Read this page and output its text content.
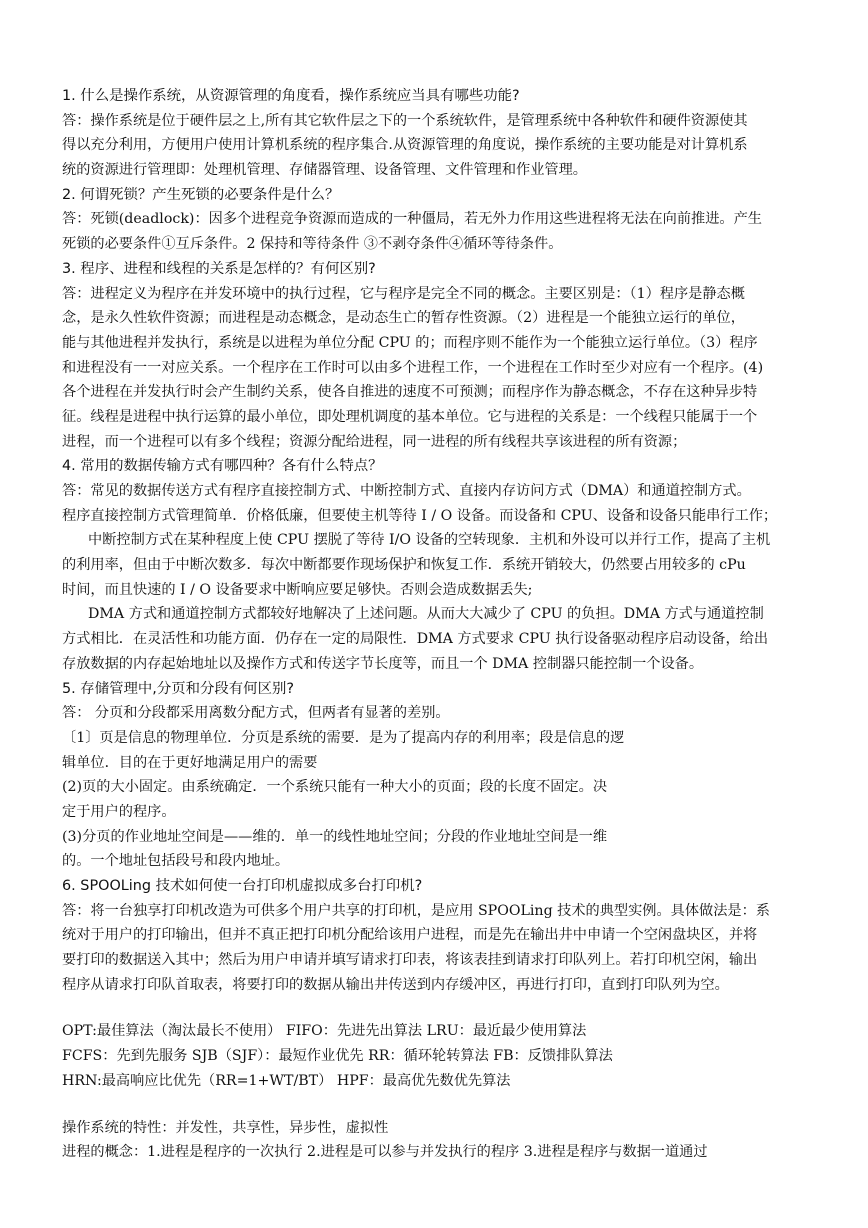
1. 什么是操作系统，从资源管理的角度看，操作系统应当具有哪些功能?
答：操作系统是位于硬件层之上,所有其它软件层之下的一个系统软件，是管理系统中各种软件和硬件资源使其
得以充分利用，方便用户使用计算机系统的程序集合.从资源管理的角度说，操作系统的主要功能是对计算机系
统的资源进行管理即：处理机管理、存储器管理、设备管理、文件管理和作业管理。
2. 何谓死锁？产生死锁的必要条件是什么？
答：死锁(deadlock)：因多个进程竞争资源而造成的一种僵局，若无外力作用这些进程将无法在向前推进。产生
死锁的必要条件①互斥条件。2 保持和等待条件 ③不剥夺条件④循环等待条件。
3. 程序、进程和线程的关系是怎样的？有何区别?
答：进程定义为程序在并发环境中的执行过程，它与程序是完全不同的概念。主要区别是：（1）程序是静态概
念，是永久性软件资源；而进程是动态概念，是动态生亡的暂存性资源。（2）进程是一个能独立运行的单位，
能与其他进程并发执行，系统是以进程为单位分配 CPU 的；而程序则不能作为一个能独立运行单位。（3）程序
和进程没有一一对应关系。一个程序在工作时可以由多个进程工作，一个进程在工作时至少对应有一个程序。(4)
各个进程在并发执行时会产生制约关系，使各自推进的速度不可预测；而程序作为静态概念，不存在这种异步特
征。线程是进程中执行运算的最小单位，即处理机调度的基本单位。它与进程的关系是：一个线程只能属于一个
进程，而一个进程可以有多个线程；资源分配给进程，同一进程的所有线程共享该进程的所有资源；
4. 常用的数据传输方式有哪四种？各有什么特点？
答：常见的数据传送方式有程序直接控制方式、中断控制方式、直接内存访问方式（DMA）和通道控制方式。
程序直接控制方式管理简单．价格低廉，但要使主机等待 I / O 设备。而设备和 CPU、设备和设备只能串行工作；
中断控制方式在某种程度上使 CPU 摆脱了等待 I/O 设备的空转现象．主机和外设可以并行工作，提高了主机
的利用率，但由于中断次数多．每次中断都要作现场保护和恢复工作．系统开销较大，仍然要占用较多的 cPu
时间，而且快速的 I / O 设备要求中断响应要足够快。否则会造成数据丢失;
DMA 方式和通道控制方式都较好地解决了上述问题。从而大大减少了 CPU 的负担。DMA 方式与通道控制
方式相比．在灵活性和功能方面．仍存在一定的局限性．DMA 方式要求 CPU 执行设备驱动程序启动设备，给出
存放数据的内存起始地址以及操作方式和传送字节长度等，而且一个 DMA 控制器只能控制一个设备。
5. 存储管理中,分页和分段有何区别?
答： 分页和分段都采用离数分配方式，但两者有显著的差别。
〔1〕页是信息的物理单位．分页是系统的需要．是为了提高内存的利用率；段是信息的逻
辑单位．目的在于更好地满足用户的需要
(2)页的大小固定。由系统确定．一个系统只能有一种大小的页面；段的长度不固定。决
定于用户的程序。
(3)分页的作业地址空间是——维的．单一的线性地址空间；分段的作业地址空间是一维
的。一个地址包括段号和段内地址。
6. SPOOLing 技术如何使一台打印机虚拟成多台打印机?
答：将一台独享打印机改造为可供多个用户共享的打印机，是应用 SPOOLing 技术的典型实例。具体做法是：系
统对于用户的打印输出，但并不真正把打印机分配给该用户进程，而是先在输出井中申请一个空闲盘块区，并将
要打印的数据送入其中；然后为用户申请并填写请求打印表，将该表挂到请求打印队列上。若打印机空闲，输出
程序从请求打印队首取表，将要打印的数据从输出井传送到内存缓冲区，再进行打印，直到打印队列为空。
OPT:最佳算法（淘汰最长不使用） FIFO：先进先出算法 LRU：最近最少使用算法
FCFS：先到先服务 SJB（SJF）：最短作业优先 RR：循环轮转算法 FB：反馈排队算法
HRN:最高响应比优先（RR=1+WT/BT） HPF：最高优先数优先算法
操作系统的特性：并发性，共享性，异步性，虚拟性
进程的概念：1.进程是程序的一次执行 2.进程是可以参与并发执行的程序 3.进程是程序与数据一道通过
